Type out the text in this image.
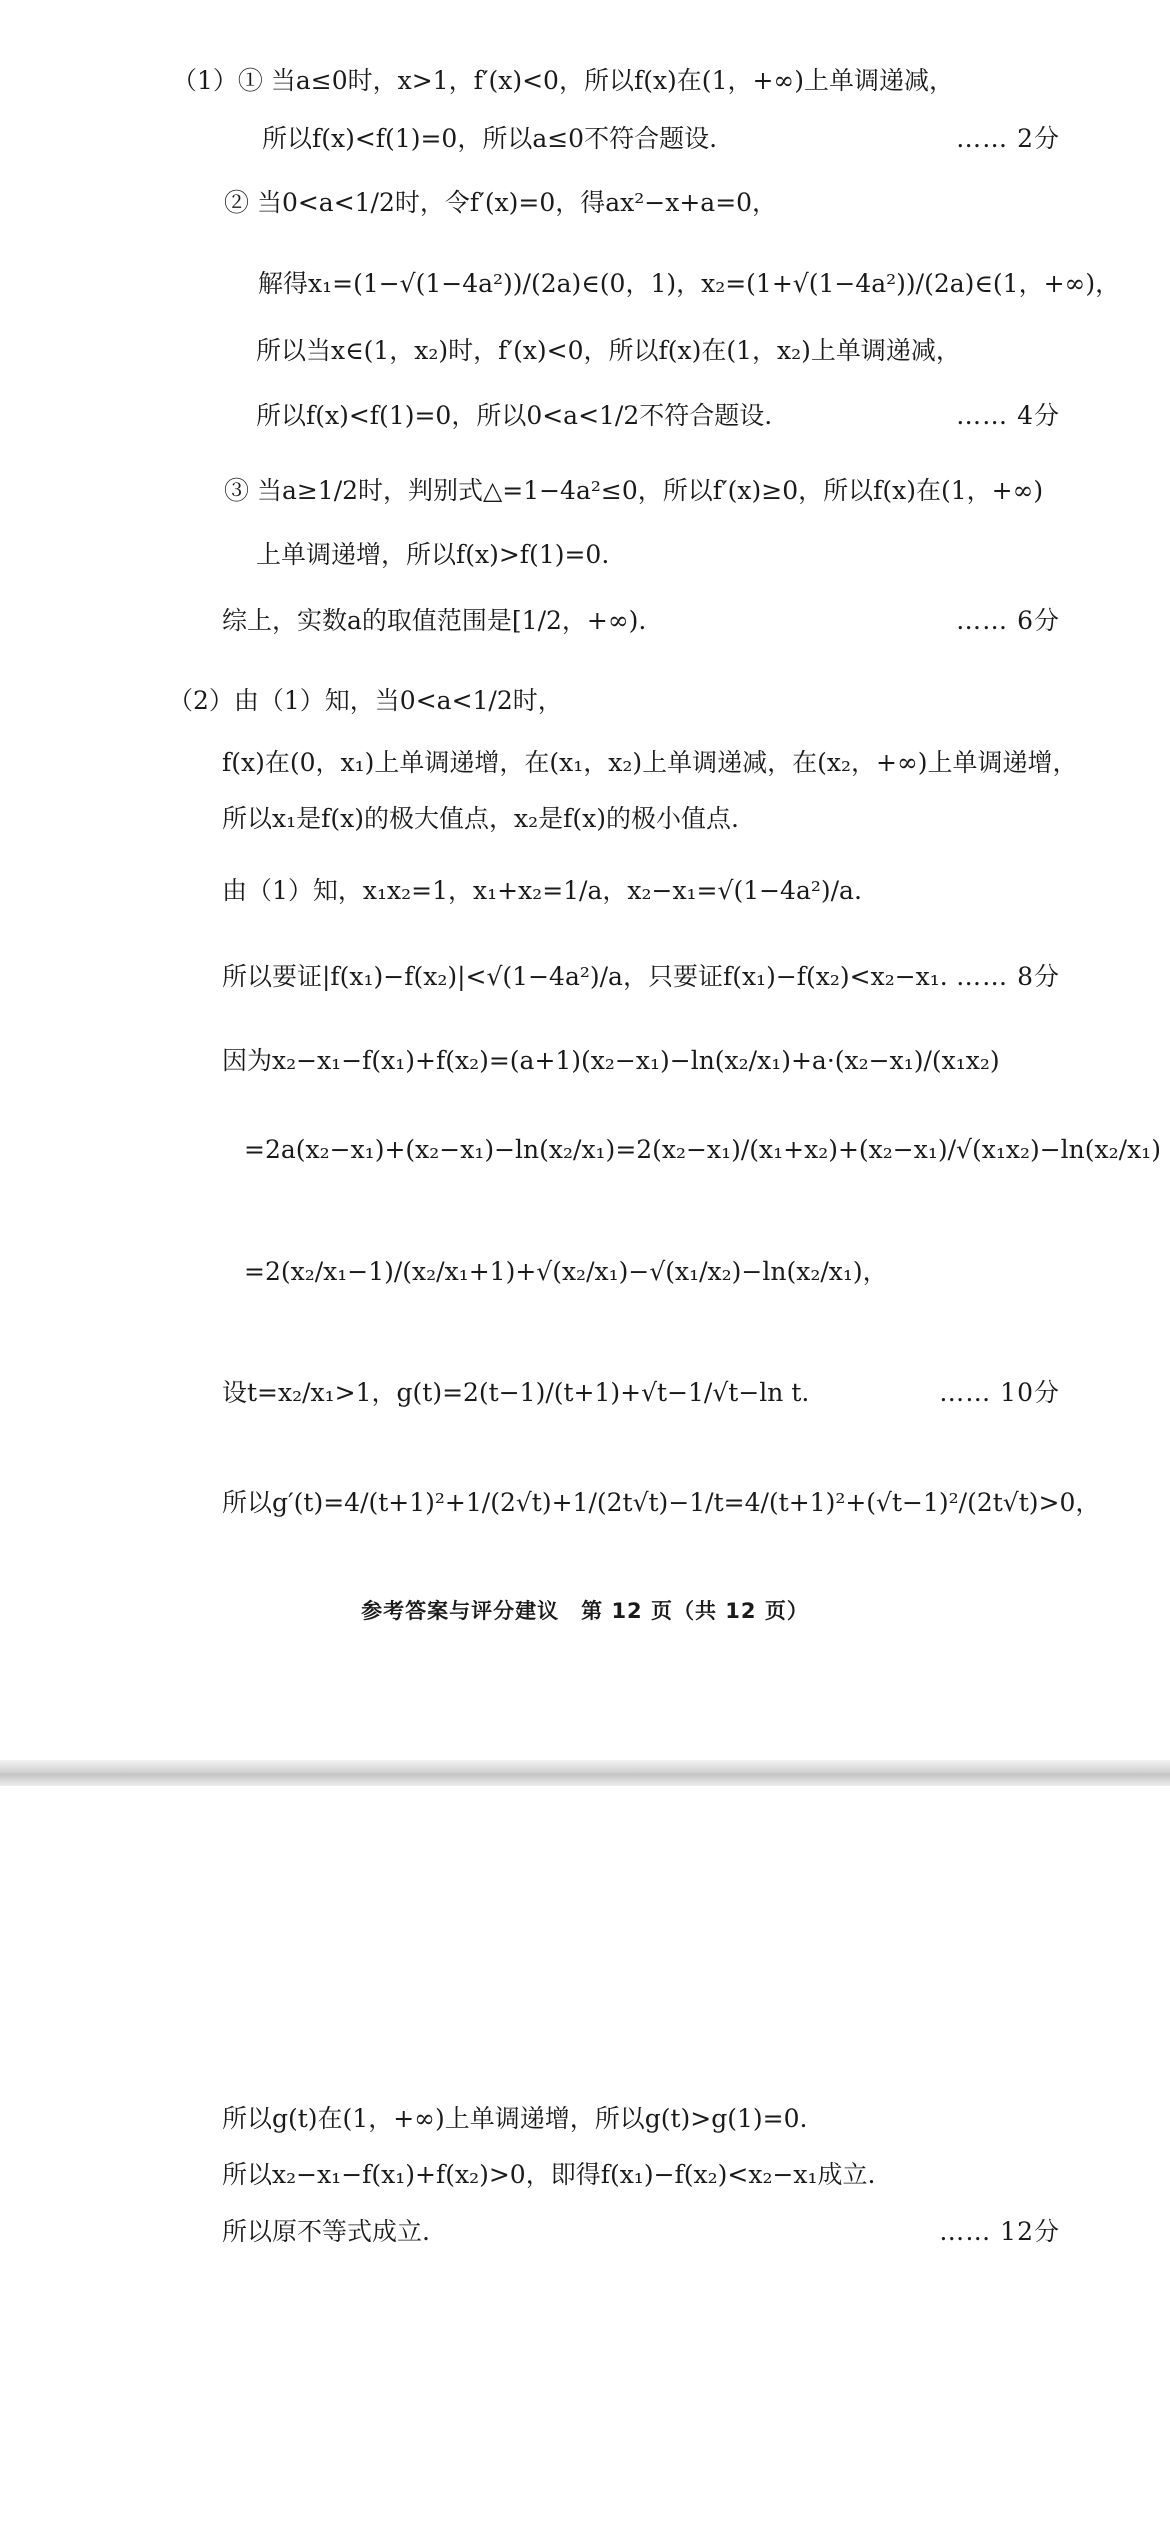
（1）① 当a≤0时，x>1，f′(x)<0，所以f(x)在(1，+∞)上单调递减，
所以f(x)<f(1)=0，所以a≤0不符合题设.	…… 2分
② 当0<a<1/2时，令f′(x)=0，得ax²−x+a=0，
解得x₁=(1−√(1−4a²))/(2a)∈(0，1)，x₂=(1+√(1−4a²))/(2a)∈(1，+∞)，
所以当x∈(1，x₂)时，f′(x)<0，所以f(x)在(1，x₂)上单调递减，
所以f(x)<f(1)=0，所以0<a<1/2不符合题设.	…… 4分
③ 当a≥1/2时，判别式△=1−4a²≤0，所以f′(x)≥0，所以f(x)在(1，+∞)
上单调递增，所以f(x)>f(1)=0.
综上，实数a的取值范围是[1/2，+∞).	…… 6分
（2）由（1）知，当0<a<1/2时，
f(x)在(0，x₁)上单调递增，在(x₁，x₂)上单调递减，在(x₂，+∞)上单调递增，
所以x₁是f(x)的极大值点，x₂是f(x)的极小值点.
由（1）知，x₁x₂=1，x₁+x₂=1/a，x₂−x₁=√(1−4a²)/a.
所以要证|f(x₁)−f(x₂)|<√(1−4a²)/a，只要证f(x₁)−f(x₂)<x₂−x₁. …… 8分
因为x₂−x₁−f(x₁)+f(x₂)=(a+1)(x₂−x₁)−ln(x₂/x₁)+a·(x₂−x₁)/(x₁x₂)
=2a(x₂−x₁)+(x₂−x₁)−ln(x₂/x₁)=2(x₂−x₁)/(x₁+x₂)+(x₂−x₁)/√(x₁x₂)−ln(x₂/x₁)
=2(x₂/x₁−1)/(x₂/x₁+1)+√(x₂/x₁)−√(x₁/x₂)−ln(x₂/x₁)，
设t=x₂/x₁>1，g(t)=2(t−1)/(t+1)+√t−1/√t−ln t.	…… 10分
所以g′(t)=4/(t+1)²+1/(2√t)+1/(2t√t)−1/t=4/(t+1)²+(√t−1)²/(2t√t)>0，
参考答案与评分建议　第 12 页（共 12 页）
所以g(t)在(1，+∞)上单调递增，所以g(t)>g(1)=0.
所以x₂−x₁−f(x₁)+f(x₂)>0，即得f(x₁)−f(x₂)<x₂−x₁成立.
所以原不等式成立.	…… 12分
